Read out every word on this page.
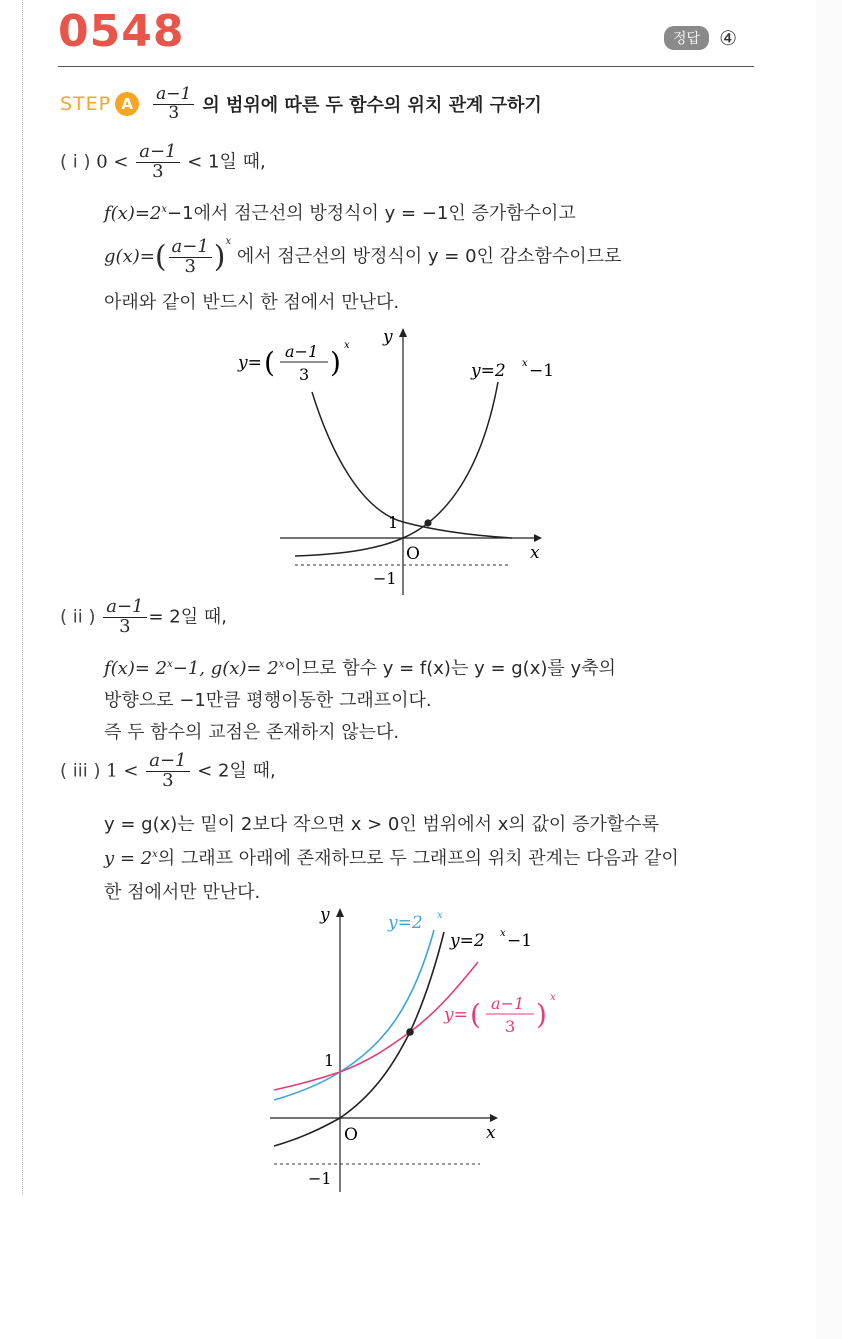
0548	정답 ④
STEP A	$\frac{a-1}{3}$ 의 범위에 따른 두 함수의 위치 관계 구하기
( i ) $0 < \frac{a-1}{3} < 1$일 때,
$f(x)=2^x-1$에서 점근선의 방정식이 y = −1인 증가함수이고
$g(x)=( \frac{a-1}{3} )^x$ 에서 점근선의 방정식이 y = 0인 감소함수이므로
아래와 같이 반드시 한 점에서 만난다.
y
x
O
1
−1
y= ( a−1
3 )
x
y=2 x −1
( ii ) $\frac{a-1}{3} = 2$일 때,
$f(x)= 2^x-1$, $g(x)= 2^x$이므로 함수 y = f(x)는 y = g(x)를 y축의
방향으로 −1만큼 평행이동한 그래프이다.
즉 두 함수의 교점은 존재하지 않는다.
( iii ) $1 < \frac{a-1}{3} < 2$일 때,
y = g(x)는 밑이 2보다 작으면 x > 0인 범위에서 x의 값이 증가할수록
$y = 2^x$의 그래프 아래에 존재하므로 두 그래프의 위치 관계는 다음과 같이
한 점에서만 만난다.
y
x
O
1
−1
y=2 x
y=2 x −1
y= ( a−1
3 )
x
